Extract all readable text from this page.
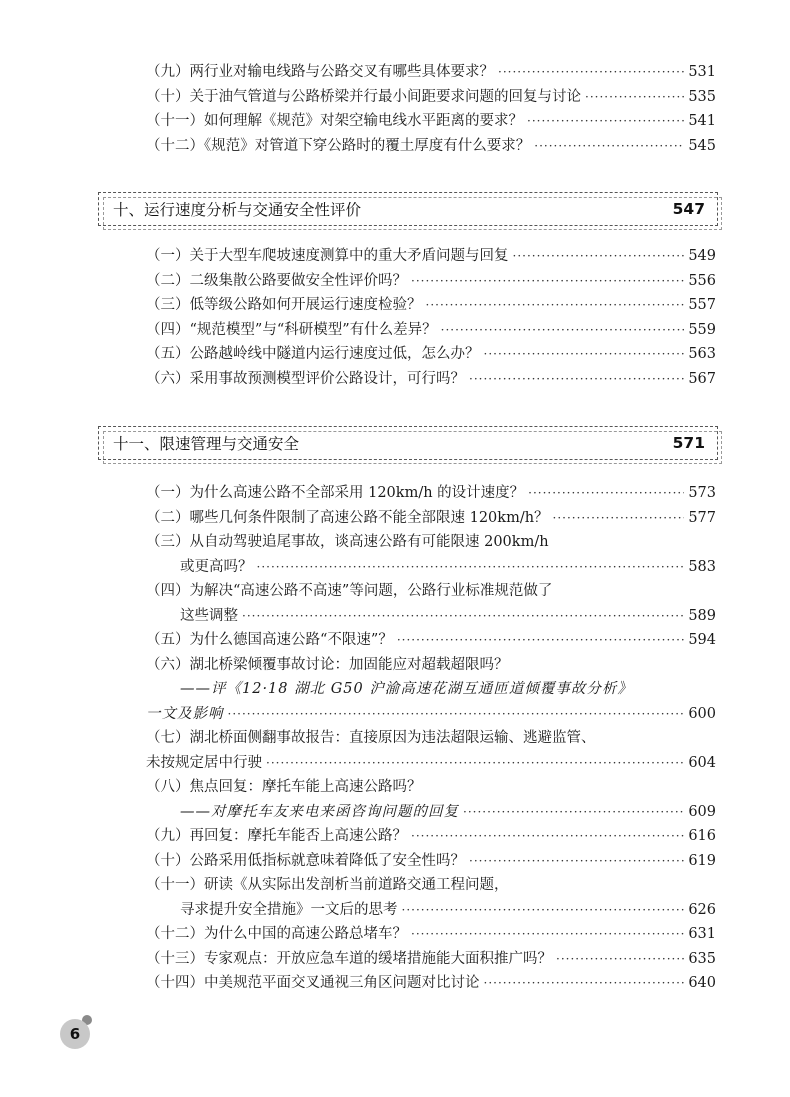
（九）两行业对输电线路与公路交叉有哪些具体要求？ ·····	531
（十）关于油气管道与公路桥梁并行最小间距要求问题的回复与讨论 ·····	535
（十一）如何理解《规范》对架空输电线水平距离的要求？ ·····	541
（十二）《规范》对管道下穿公路时的覆土厚度有什么要求？ ·····	545
十、运行速度分析与交通安全性评价	547
（一）关于大型车爬坡速度测算中的重大矛盾问题与回复 ·····	549
（二）二级集散公路要做安全性评价吗？ ·····	556
（三）低等级公路如何开展运行速度检验？ ·····	557
（四）“规范模型”与“科研模型”有什么差异？ ·····	559
（五）公路越岭线中隧道内运行速度过低，怎么办？ ·····	563
（六）采用事故预测模型评价公路设计，可行吗？ ·····	567
十一、限速管理与交通安全	571
（一）为什么高速公路不全部采用 120km/h 的设计速度？ ·····	573
（二）哪些几何条件限制了高速公路不能全部限速 120km/h？ ·····	577
（三）从自动驾驶追尾事故，谈高速公路有可能限速 200km/h
或更高吗？ ·····	583
（四）为解决“高速公路不高速”等问题，公路行业标准规范做了
这些调整 ·····	589
（五）为什么德国高速公路“不限速”？ ·····	594
（六）湖北桥梁倾覆事故讨论：加固能应对超载超限吗？
——评《12·18 湖北 G50 沪渝高速花湖互通匝道倾覆事故分析》
一文及影响 ·····	600
（七）湖北桥面侧翻事故报告：直接原因为违法超限运输、逃避监管、
未按规定居中行驶 ·····	604
（八）焦点回复：摩托车能上高速公路吗？
——对摩托车友来电来函咨询问题的回复 ·····	609
（九）再回复：摩托车能否上高速公路？ ·····	616
（十）公路采用低指标就意味着降低了安全性吗？ ·····	619
（十一）研读《从实际出发剖析当前道路交通工程问题，
寻求提升安全措施》一文后的思考 ·····	626
（十二）为什么中国的高速公路总堵车？ ·····	631
（十三）专家观点：开放应急车道的缓堵措施能大面积推广吗？ ·····	635
（十四）中美规范平面交叉通视三角区问题对比讨论 ·····	640
6
